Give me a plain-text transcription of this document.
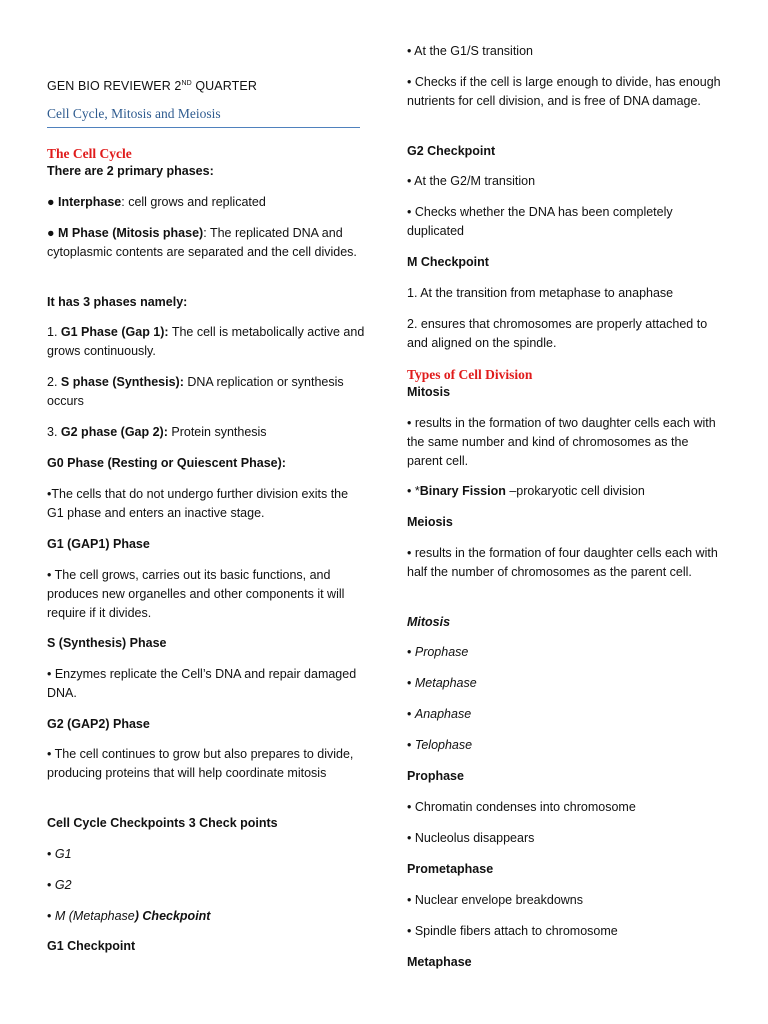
GEN BIO REVIEWER 2ND QUARTER
Cell Cycle, Mitosis and Meiosis
The Cell Cycle
There are 2 primary phases:
● Interphase: cell grows and replicated
● M Phase (Mitosis phase): The replicated DNA and cytoplasmic contents are separated and the cell divides.
It has 3 phases namely:
1. G1 Phase (Gap 1): The cell is metabolically active and grows continuously.
2. S phase (Synthesis): DNA replication or synthesis occurs
3. G2 phase (Gap 2): Protein synthesis
G0 Phase (Resting or Quiescent Phase):
•The cells that do not undergo further division exits the G1 phase and enters an inactive stage.
G1 (GAP1) Phase
• The cell grows, carries out its basic functions, and produces new organelles and other components it will require if it divides.
S (Synthesis) Phase
• Enzymes replicate the Cell’s DNA and repair damaged DNA.
G2 (GAP2) Phase
• The cell continues to grow but also prepares to divide, producing proteins that will help coordinate mitosis
Cell Cycle Checkpoints 3 Check points
• G1
• G2
• M (Metaphase) Checkpoint
G1 Checkpoint
• At the G1/S transition
• Checks if the cell is large enough to divide, has enough nutrients for cell division, and is free of DNA damage.
G2 Checkpoint
• At the G2/M transition
• Checks whether the DNA has been completely duplicated
M Checkpoint
1. At the transition from metaphase to anaphase
2. ensures that chromosomes are properly attached to and aligned on the spindle.
Types of Cell Division
Mitosis
• results in the formation of two daughter cells each with the same number and kind of chromosomes as the parent cell.
• *Binary Fission –prokaryotic cell division
Meiosis
• results in the formation of four daughter cells each with half the number of chromosomes as the parent cell.
Mitosis
• Prophase
• Metaphase
• Anaphase
• Telophase
Prophase
• Chromatin condenses into chromosome
• Nucleolus disappears
Prometaphase
• Nuclear envelope breakdowns
• Spindle fibers attach to chromosome
Metaphase
